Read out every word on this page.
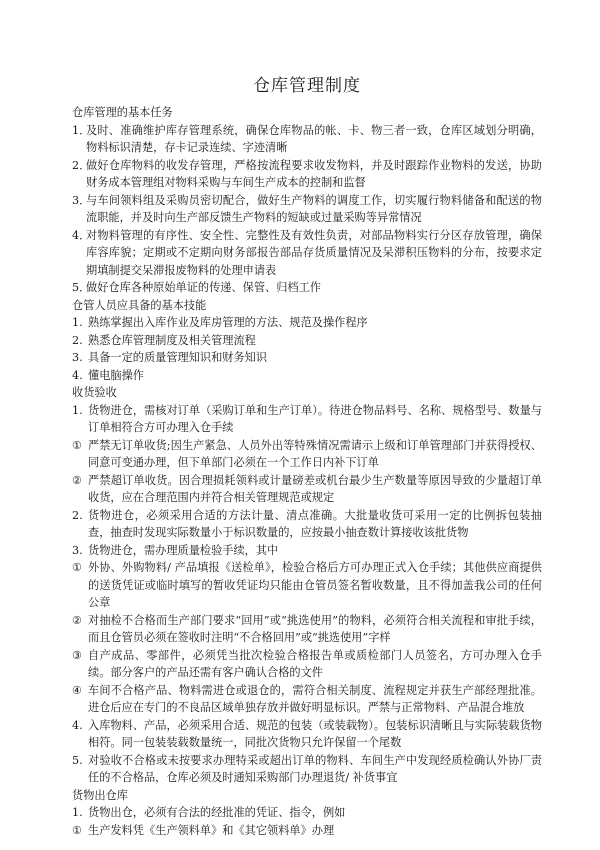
仓库管理制度

仓库管理的基本任务

1．
及时、准确维护库存管理系统，确保仓库物品的帐、卡、物三者一致，仓库区域划分明确，物料标识清楚，存卡记录连续、字迹清晰
2．
做好仓库物料的收发存管理，严格按流程要求收发物料，并及时跟踪作业物料的发送，协助财务成本管理组对物料采购与车间生产成本的控制和监督
3．
与车间领料组及采购员密切配合，做好生产物料的调度工作，切实履行物料储备和配送的物流职能，并及时向生产部反馈生产物料的短缺或过量采购等异常情况
4．
对物料管理的有序性、安全性、完整性及有效性负责，对部品物料实行分区存放管理，确保库容库貌；定期或不定期向财务部报告部品存货质量情况及呆滞积压物料的分布，按要求定期填制提交呆滞报废物料的处理申请表
5．
做好仓库各种原始单证的传递、保管、归档工作

仓管人员应具备的基本技能

1. 熟练掌握出入库作业及库房管理的方法、规范及操作程序
2. 熟悉仓库管理制度及相关管理流程
3. 具备一定的质量管理知识和财务知识
4. 懂电脑操作

收货验收

1. 货物进仓，需核对订单（采购订单和生产订单）。待进仓物品料号、名称、规格型号、数量与订单相符合方可办理入仓手续
① 严禁无订单收货;因生产紧急、人员外出等特殊情况需请示上级和订单管理部门并获得授权、同意可变通办理，但下单部门必须在一个工作日内补下订单
② 严禁超订单收货。因合理损耗领料或计量磅差或机台最少生产数量等原因导致的少量超订单收货，应在合理范围内并符合相关管理规范或规定
2. 货物进仓，必须采用合适的方法计量、清点准确。大批量收货可采用一定的比例拆包装抽查，抽查时发现实际数量小于标识数量的，应按最小抽查数计算接收该批货物
3. 货物进仓，需办理质量检验手续，其中
① 外协、外购物料/ 产品填报《送检单》，检验合格后方可办理正式入仓手续；其他供应商提供的送货凭证或临时填写的暂收凭证均只能由仓管员签名暂收数量，且不得加盖我公司的任何公章
② 对抽检不合格而生产部门要求“回用”或“挑选使用”的物料，必须符合相关流程和审批手续，而且仓管员必须在签收时注明“不合格回用”或“挑选使用”字样
③ 自产成品、零部件，必须凭当批次检验合格报告单或质检部门人员签名，方可办理入仓手续。部分客户的产品还需有客户确认合格的文件
④ 车间不合格产品、物料需进仓或退仓的，需符合相关制度、流程规定并获生产部经理批准。进仓后应在专门的不良品区域单独存放并做好明显标识。严禁与正常物料、产品混合堆放
4. 入库物料、产品，必须采用合适、规范的包装（或装载物）。包装标识清晰且与实际装载货物相符。同一包装装载数量统一，同批次货物只允许保留一个尾数
5. 对验收不合格或未按要求办理特采或超出订单的物料、车间生产中发现经质检确认外协厂责任的不合格品，仓库必须及时通知采购部门办理退货/ 补货事宜

货物出仓库

1. 货物出仓，必须有合法的经批准的凭证、指令，例如
① 生产发料凭《生产领料单》和《其它领料单》办理
